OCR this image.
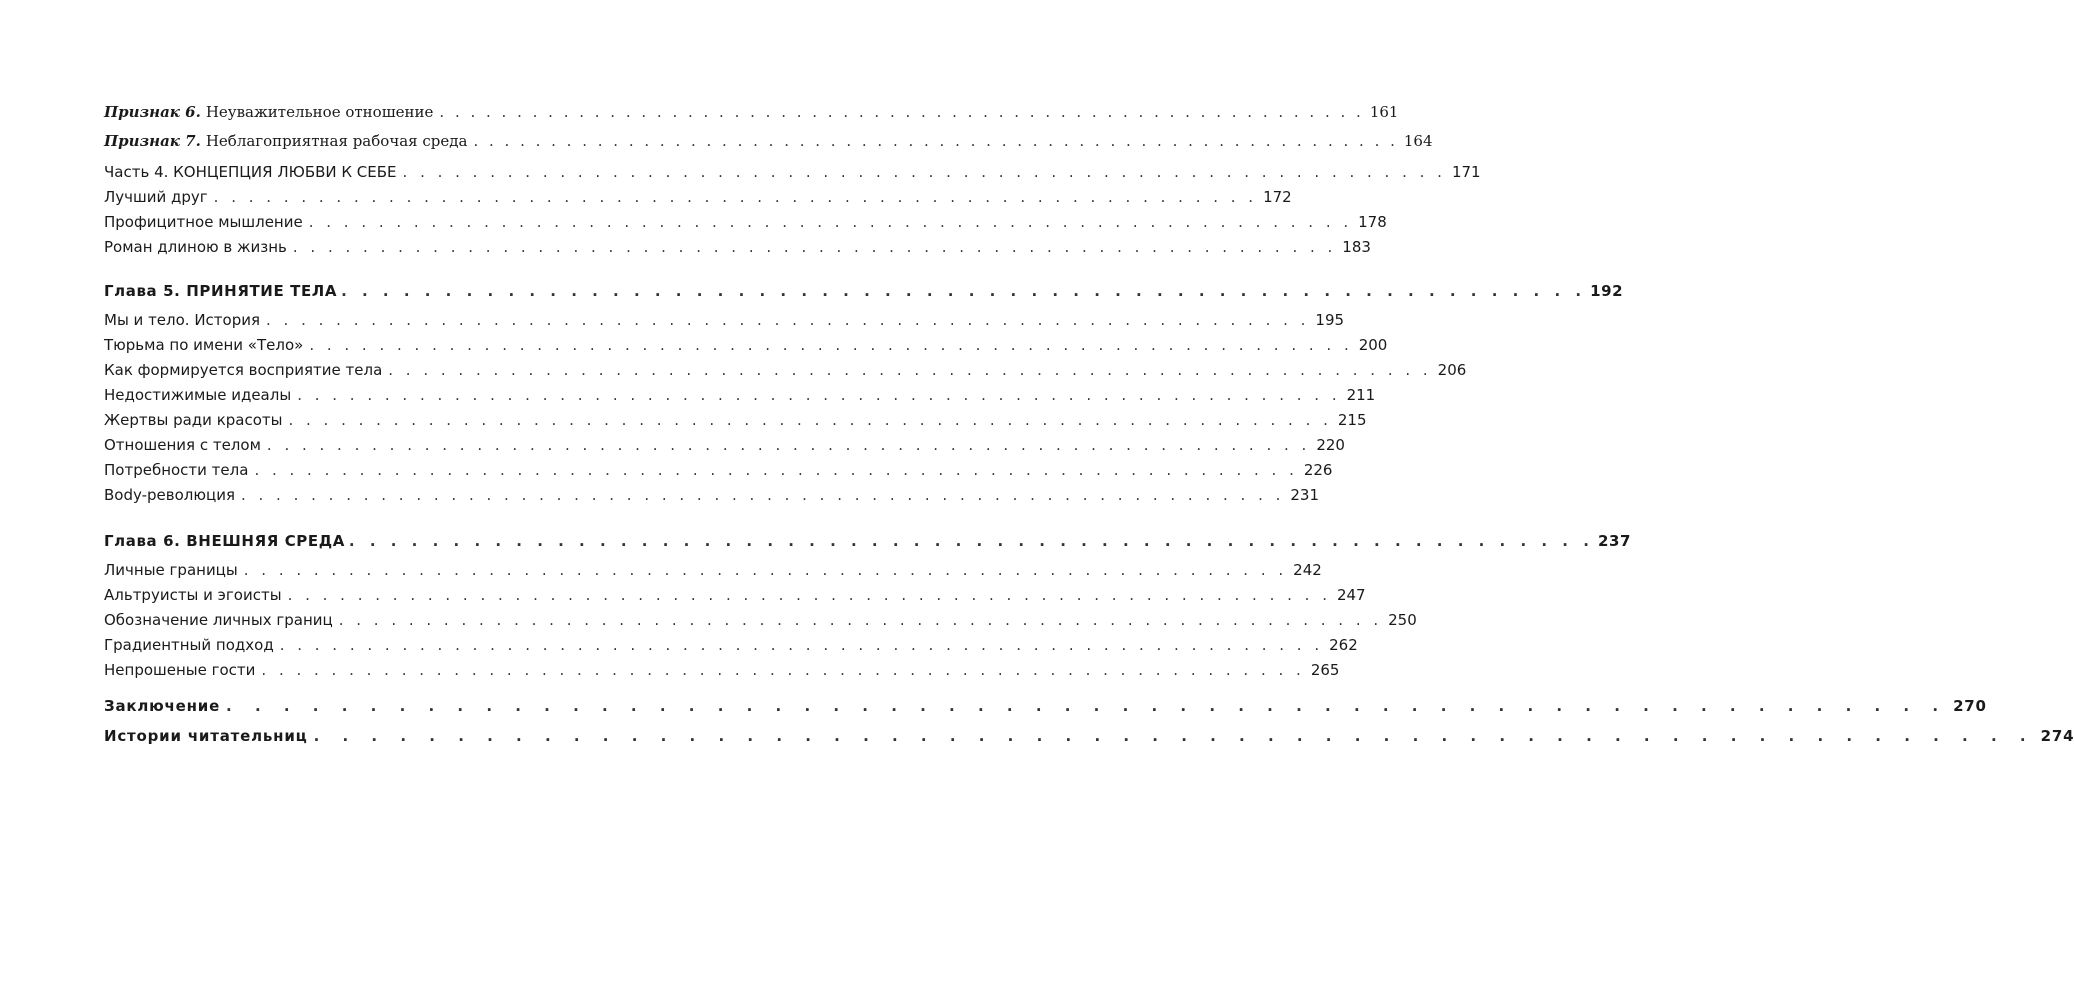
Признак 6. Неуважительное отношение . . .	161
Признак 7. Неблагоприятная рабочая среда . . .	164
Часть 4. КОНЦЕПЦИЯ ЛЮБВИ К СЕБЕ . . .	171
Лучший друг . . .	172
Профицитное мышление . . .	178
Роман длиною в жизнь . . .	183
Глава 5. ПРИНЯТИЕ ТЕЛА . . .	192
Мы и тело. История . . .	195
Тюрьма по имени «Тело» . . .	200
Как формируется восприятие тела . . .	206
Недостижимые идеалы . . .	211
Жертвы ради красоты . . .	215
Отношения с телом . . .	220
Потребности тела . . .	226
Body-революция . . .	231
Глава 6. ВНЕШНЯЯ СРЕДА . . .	237
Личные границы . . .	242
Альтруисты и эгоисты . . .	247
Обозначение личных границ . . .	250
Градиентный подход . . .	262
Непрошеные гости . . .	265
Заключение . . .	270
Истории читательниц . . .	274
